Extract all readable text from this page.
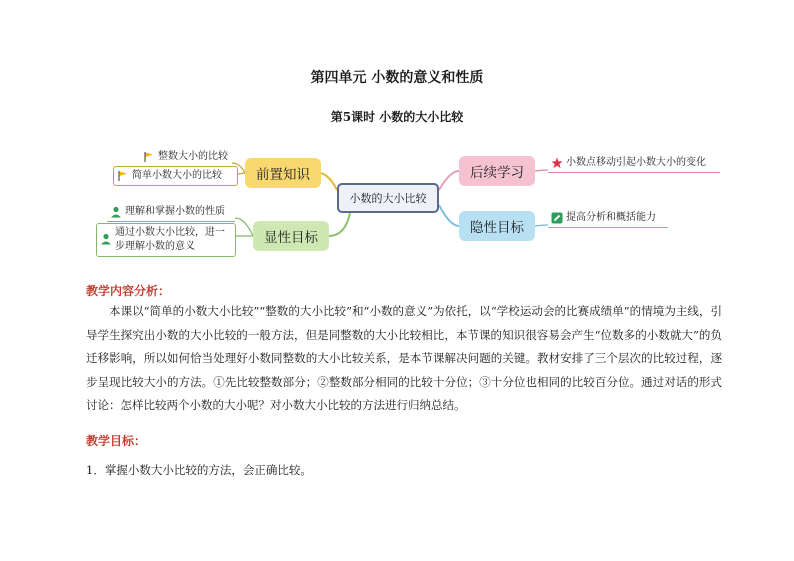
第四单元 小数的意义和性质
第5课时 小数的大小比较
小数的大小比较
前置知识
显性目标
后续学习
隐性目标
整数大小的比较
简单小数大小的比较
理解和掌握小数的性质
通过小数大小比较，进一步理解小数的意义
小数点移动引起小数大小的变化
提高分析和概括能力
教学内容分析：
本课以“简单的小数大小比较”“整数的大小比较”和“小数的意义”为依托，以“学校运动会的比赛成绩单”的情境为主线，引导学生探究出小数的大小比较的一般方法，但是同整数的大小比较相比，本节课的知识很容易会产生“位数多的小数就大”的负迁移影响，所以如何恰当处理好小数同整数的大小比较关系，是本节课解决问题的关键。教材安排了三个层次的比较过程，逐步呈现比较大小的方法。①先比较整数部分；②整数部分相同的比较十分位；③十分位也相同的比较百分位。通过对话的形式讨论：怎样比较两个小数的大小呢？对小数大小比较的方法进行归纳总结。
教学目标：
1．掌握小数大小比较的方法，会正确比较。
